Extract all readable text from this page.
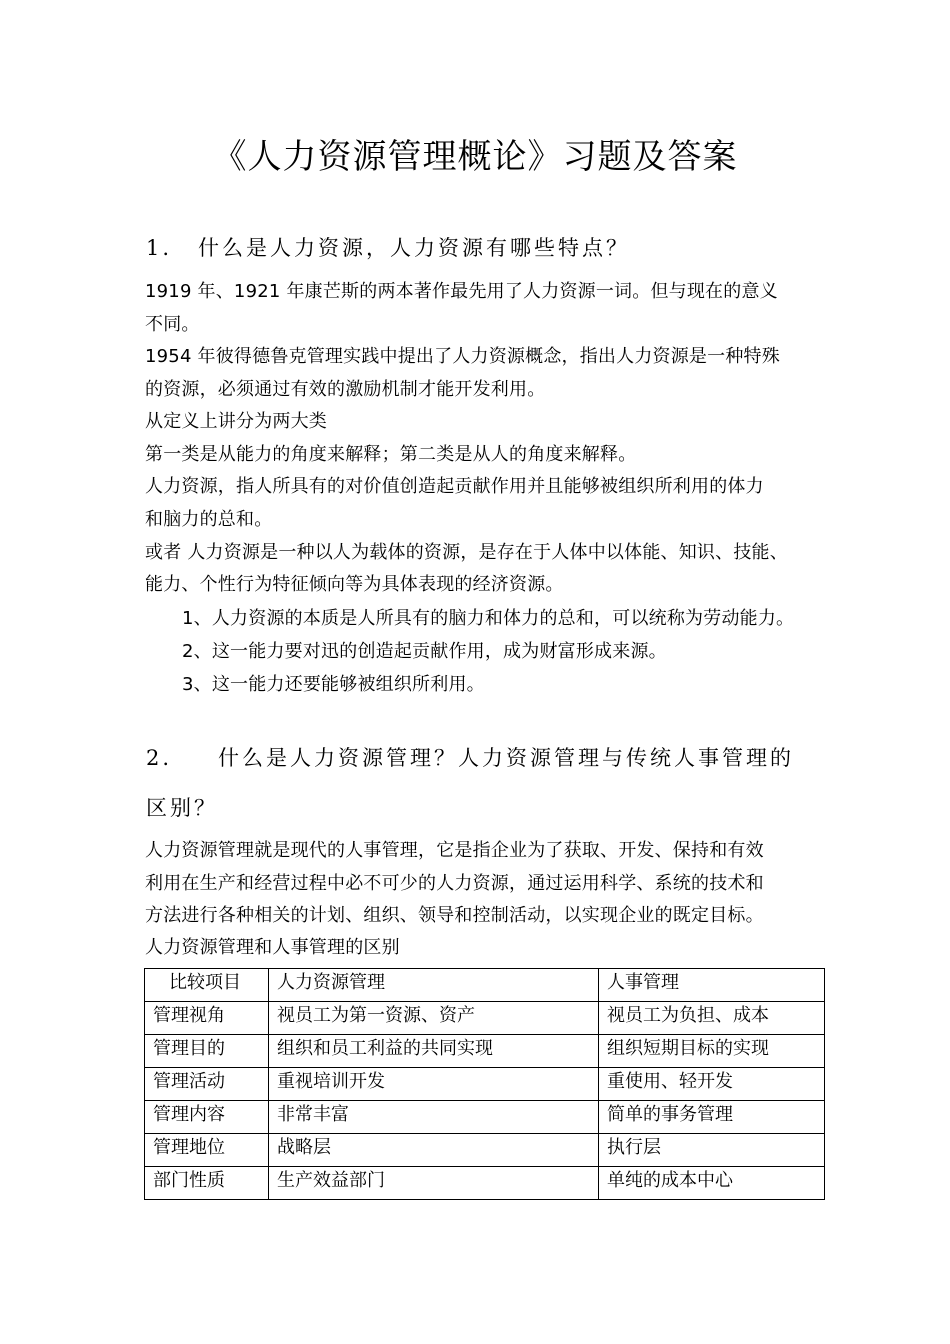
《人力资源管理概论》习题及答案
1. 什么是人力资源，人力资源有哪些特点？
1919 年、1921 年康芒斯的两本著作最先用了人力资源一词。但与现在的意义
不同。
1954 年彼得德鲁克管理实践中提出了人力资源概念，指出人力资源是一种特殊
的资源，必须通过有效的激励机制才能开发利用。
从定义上讲分为两大类
第一类是从能力的角度来解释；第二类是从人的角度来解释。
人力资源，指人所具有的对价值创造起贡献作用并且能够被组织所利用的体力
和脑力的总和。
或者 人力资源是一种以人为载体的资源，是存在于人体中以体能、知识、技能、
能力、个性行为特征倾向等为具体表现的经济资源。
1、人力资源的本质是人所具有的脑力和体力的总和，可以统称为劳动能力。
2、这一能力要对迅的创造起贡献作用，成为财富形成来源。
3、这一能力还要能够被组织所利用。
2. 什么是人力资源管理？人力资源管理与传统人事管理的
区别？
人力资源管理就是现代的人事管理，它是指企业为了获取、开发、保持和有效
利用在生产和经营过程中必不可少的人力资源，通过运用科学、系统的技术和
方法进行各种相关的计划、组织、领导和控制活动，以实现企业的既定目标。
人力资源管理和人事管理的区别
比较项目	人力资源管理	人事管理
管理视角	视员工为第一资源、资产	视员工为负担、成本
管理目的	组织和员工利益的共同实现	组织短期目标的实现
管理活动	重视培训开发	重使用、轻开发
管理内容	非常丰富	简单的事务管理
管理地位	战略层	执行层
部门性质	生产效益部门	单纯的成本中心
